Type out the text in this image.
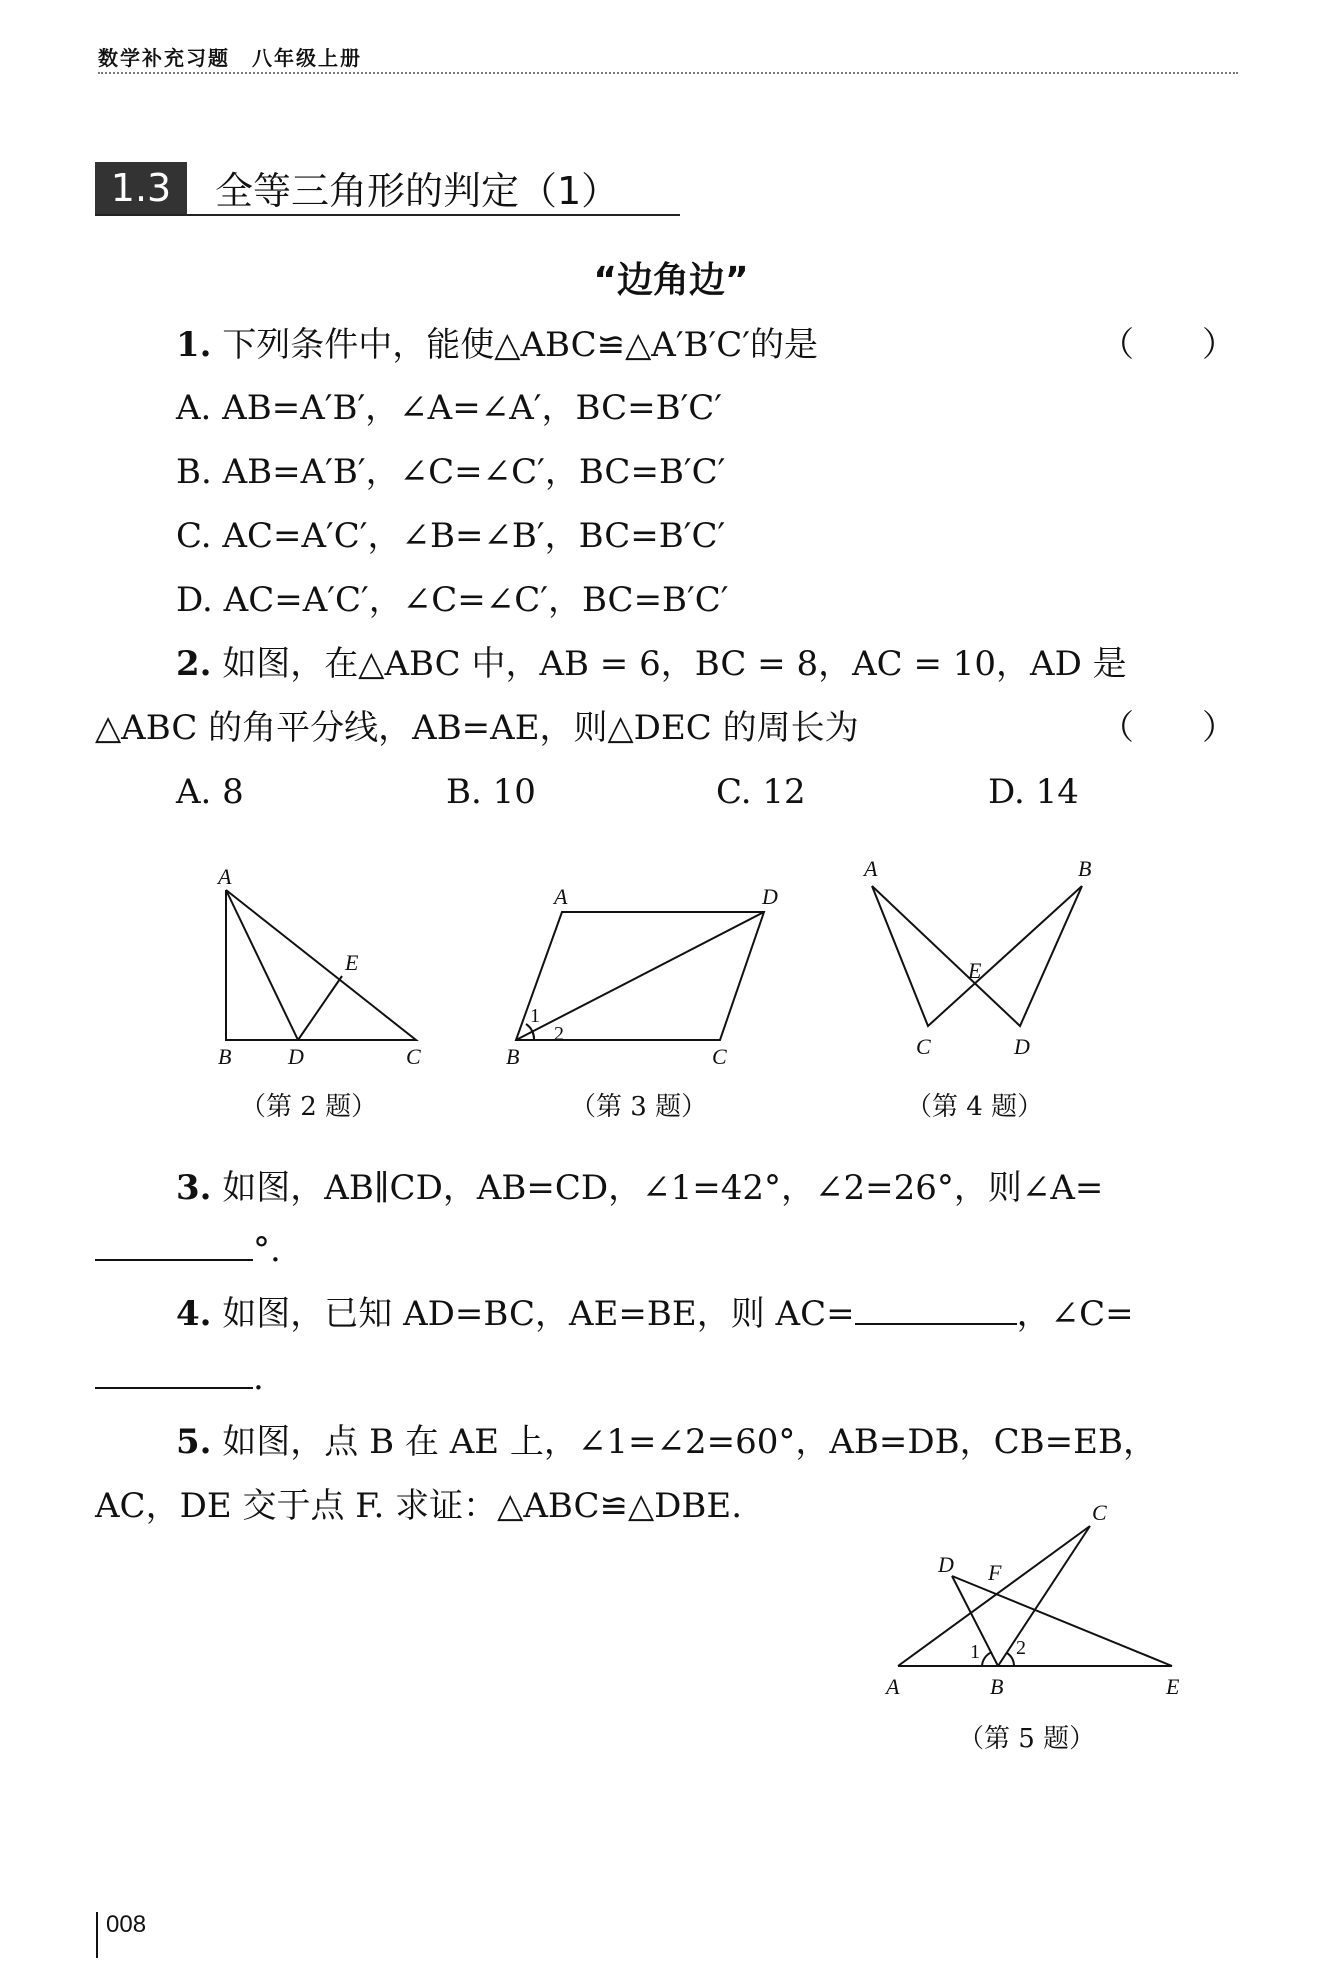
数学补充习题　八年级上册
1.3	全等三角形的判定（1）
“边角边”
1. 下列条件中，能使△ABC≌△A′B′C′的是	（　　）
A. AB=A′B′，∠A=∠A′，BC=B′C′
B. AB=A′B′，∠C=∠C′，BC=B′C′
C. AC=A′C′，∠B=∠B′，BC=B′C′
D. AC=A′C′，∠C=∠C′，BC=B′C′
2. 如图，在△ABC 中，AB = 6，BC = 8，AC = 10，AD 是
△ABC 的角平分线，AB=AE，则△DEC 的周长为	（　　）
A. 8	B. 10	C. 12	D. 14
A
E
B	D	C
（第 2 题）
A	D
B	C
1
2
（第 3 题）
A	B
E
C	D
（第 4 题）
3. 如图，AB∥CD，AB=CD，∠1=42°，∠2=26°，则∠A=
°.
4. 如图，已知 AD=BC，AE=BE，则 AC=	，∠C=
.
5. 如图，点 B 在 AE 上，∠1=∠2=60°，AB=DB，CB=EB，
AC，DE 交于点 F. 求证：△ABC≌△DBE.	C
D F
A	B	E
1 2
（第 5 题）
008
